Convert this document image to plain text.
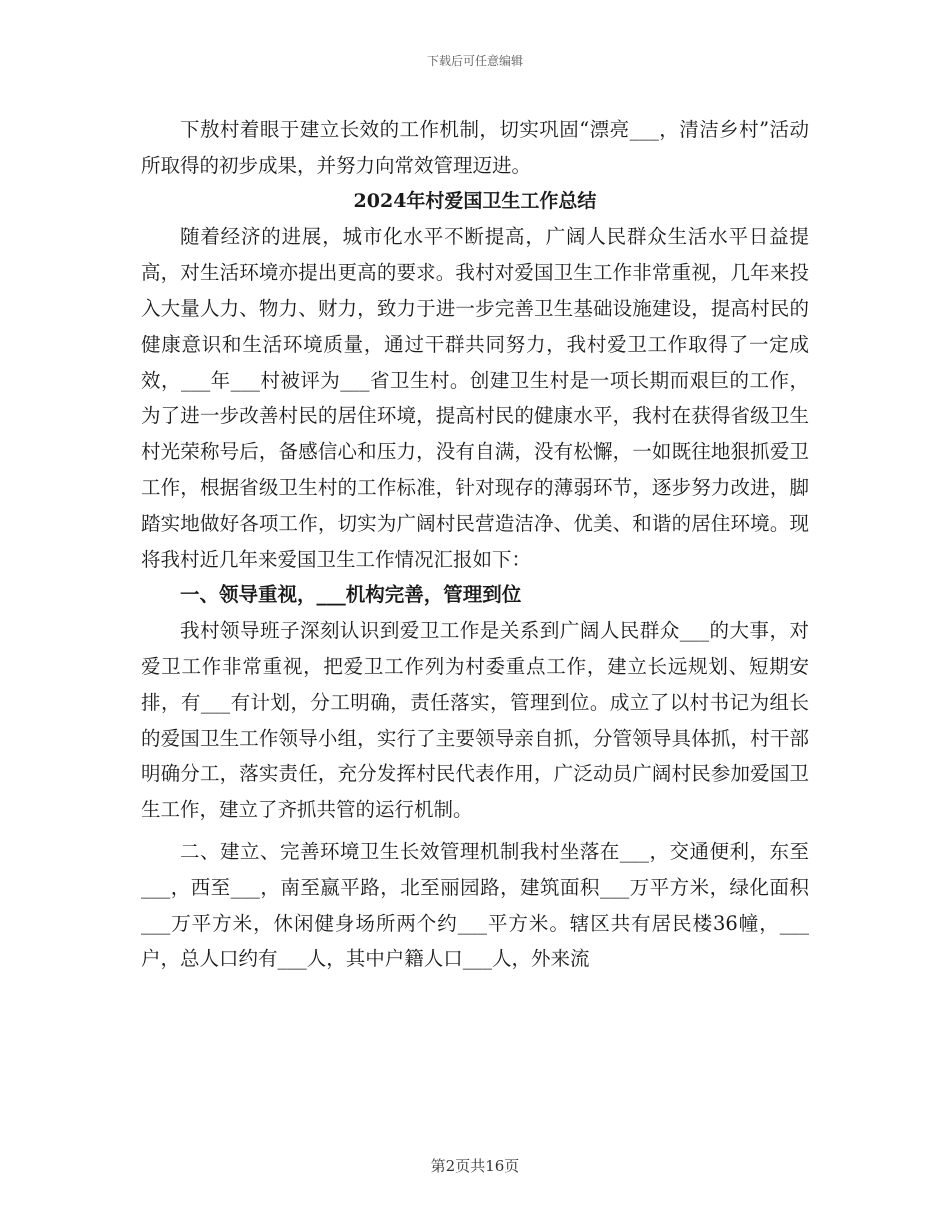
下载后可任意编辑

下敖村着眼于建立长效的工作机制，切实巩固“漂亮___，清洁乡村”活动所取得的初步成果，并努力向常效管理迈进。

2024年村爱国卫生工作总结

随着经济的进展，城市化水平不断提高，广阔人民群众生活水平日益提高，对生活环境亦提出更高的要求。我村对爱国卫生工作非常重视，几年来投入大量人力、物力、财力，致力于进一步完善卫生基础设施建设，提高村民的健康意识和生活环境质量，通过干群共同努力，我村爱卫工作取得了一定成效，___年___村被评为___省卫生村。创建卫生村是一项长期而艰巨的工作，为了进一步改善村民的居住环境，提高村民的健康水平，我村在获得省级卫生村光荣称号后，备感信心和压力，没有自满，没有松懈，一如既往地狠抓爱卫工作，根据省级卫生村的工作标准，针对现存的薄弱环节，逐步努力改进，脚踏实地做好各项工作，切实为广阔村民营造洁净、优美、和谐的居住环境。现将我村近几年来爱国卫生工作情况汇报如下：

一、领导重视，___机构完善，管理到位

我村领导班子深刻认识到爱卫工作是关系到广阔人民群众___的大事，对爱卫工作非常重视，把爱卫工作列为村委重点工作，建立长远规划、短期安排，有___有计划，分工明确，责任落实，管理到位。成立了以村书记为组长的爱国卫生工作领导小组，实行了主要领导亲自抓，分管领导具体抓，村干部明确分工，落实责任，充分发挥村民代表作用，广泛动员广阔村民参加爱国卫生工作，建立了齐抓共管的运行机制。

二、建立、完善环境卫生长效管理机制我村坐落在___，交通便利，东至___，西至___，南至嬴平路，北至丽园路，建筑面积___万平方米，绿化面积___万平方米，休闲健身场所两个约___平方米。辖区共有居民楼36幢，___户，总人口约有___人，其中户籍人口___人，外来流

第2页共16页
